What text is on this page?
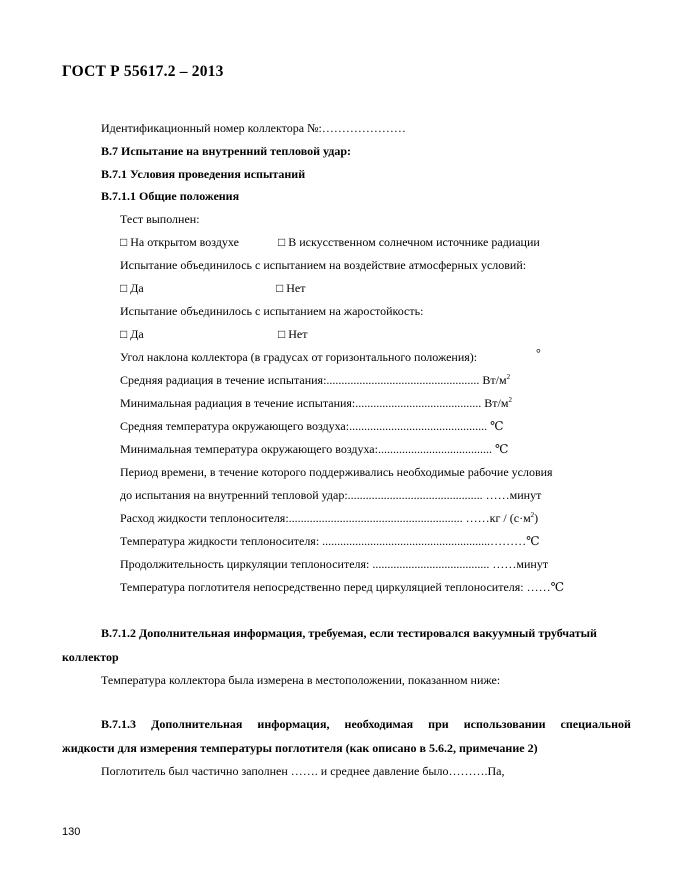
ГОСТ Р 55617.2 – 2013
Идентификационный номер коллектора №:…………………
В.7 Испытание на внутренний тепловой удар:
В.7.1 Условия проведения испытаний
В.7.1.1 Общие положения
Тест выполнен:
□ На открытом воздухе	□ В искусственном солнечном источнике радиации
Испытание объединилось с испытанием на воздействие атмосферных условий:
□ Да	□ Нет
Испытание объединилось с испытанием на жаростойкость:
□ Да	□ Нет
Угол наклона коллектора (в градусах от горизонтального положения):	°
Средняя радиация в течение испытания:................................................... $Вт/м^2$
Минимальная радиация в течение испытания:.......................................... $Вт/м^2$
Средняя температура окружающего воздуха:.............................................. ℃
Минимальная температура окружающего воздуха:...................................... ℃
Период времени, в течение которого поддерживались необходимые рабочие условия
до испытания на внутренний тепловой удар:............................................. ……минут
Расход жидкости теплоносителя:.......................................................... ……кг / $(с\cdot м^2)$
Температура жидкости теплоносителя: ........................................................………℃
Продолжительность циркуляции теплоносителя: ....................................... ……минут
Температура поглотителя непосредственно перед циркуляцией теплоносителя: ……℃
В.7.1.2 Дополнительная информация, требуемая, если тестировался вакуумный трубчатый
коллектор
Температура коллектора была измерена в местоположении, показанном ниже:
В.7.1.3 Дополнительная информация, необходимая при использовании специальной
жидкости для измерения температуры поглотителя (как описано в 5.6.2, примечание 2)
Поглотитель был частично заполнен ……. и среднее давление было……….Па,
130
